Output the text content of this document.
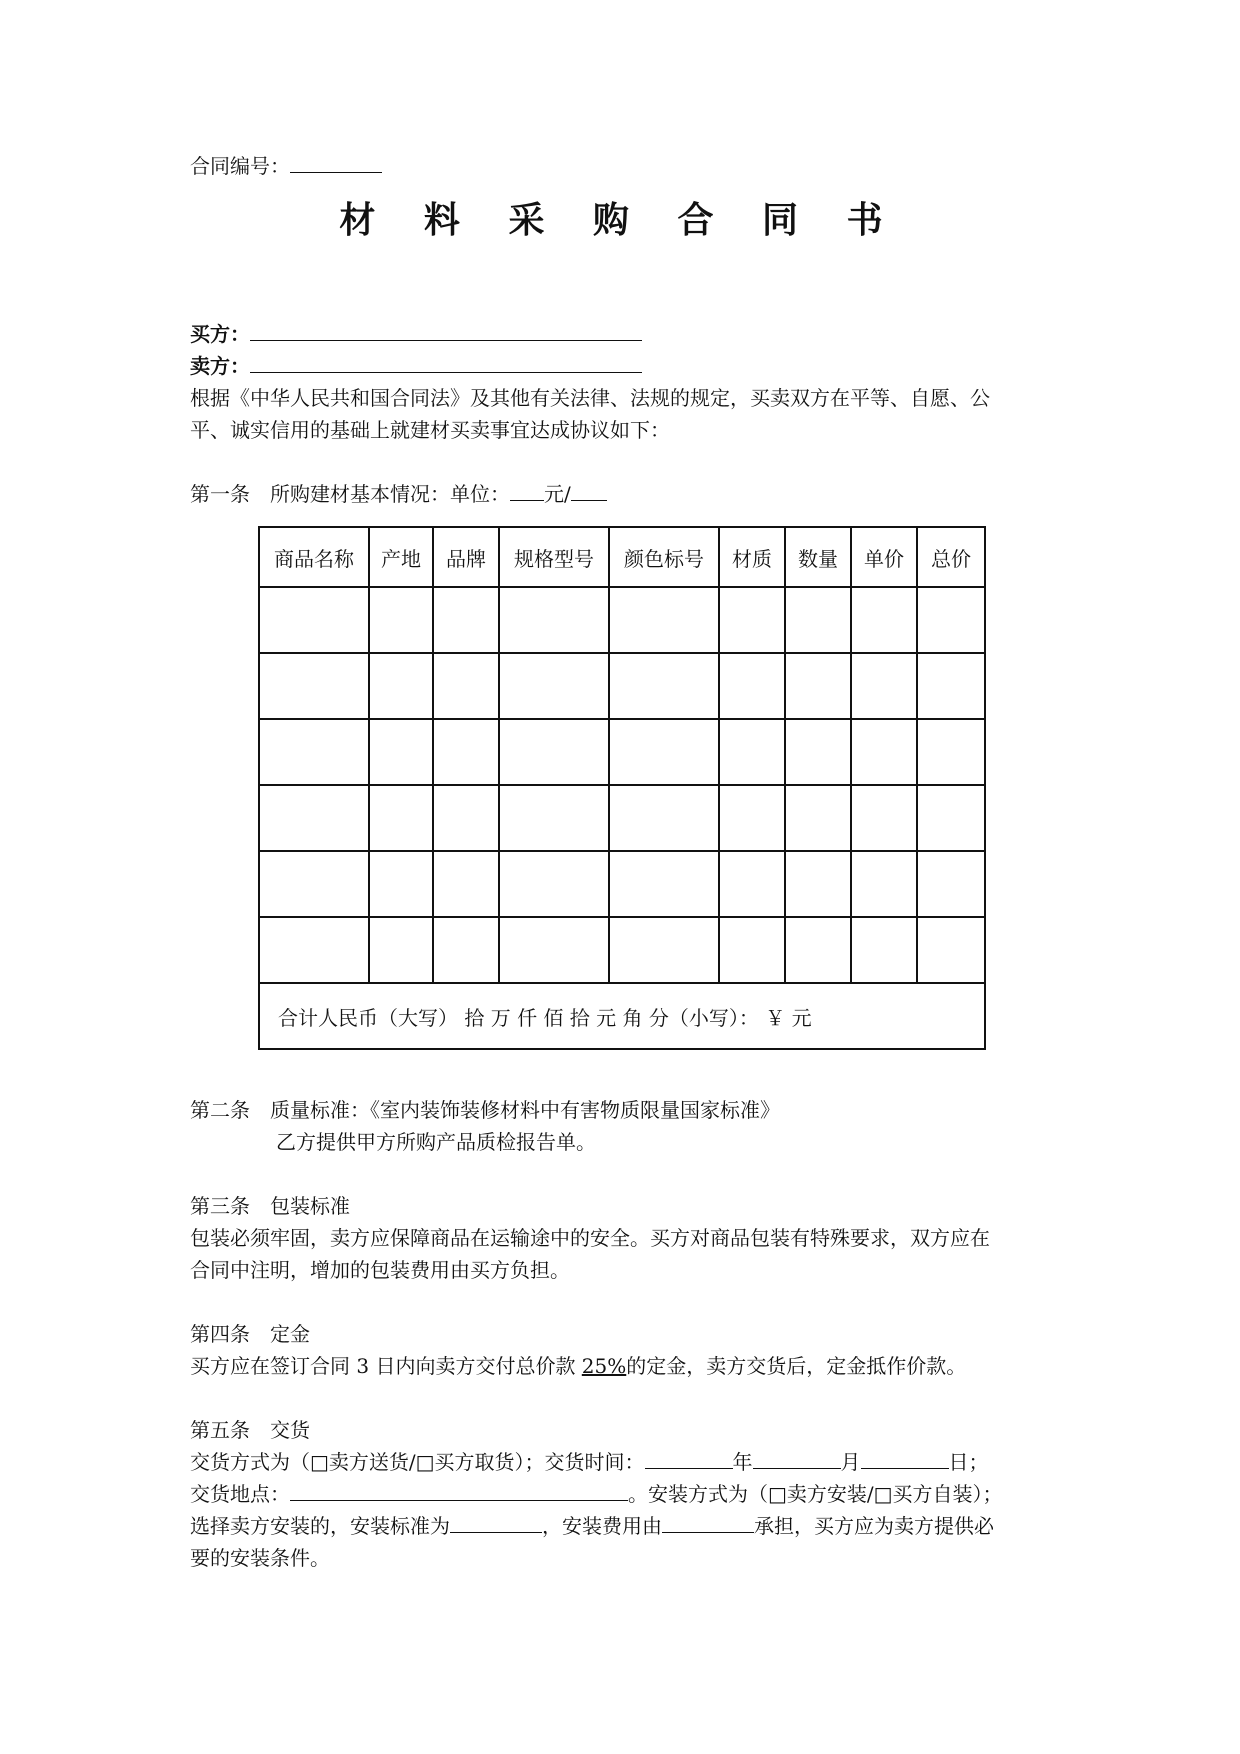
合同编号：
材 料 采 购 合 同 书
买方：
卖方：
根据《中华人民共和国合同法》及其他有关法律、法规的规定，买卖双方在平等、自愿、公
平、诚实信用的基础上就建材买卖事宜达成协议如下：
第一条 所购建材基本情况：单位： 元/
商品名称	产地	品牌	规格型号	颜色标号	材质	数量	单价	总价

合计人民币（大写） 拾 万 仟 佰 拾 元 角 分（小写）： ￥ 元								
第二条 质量标准：《室内装饰装修材料中有害物质限量国家标准》
乙方提供甲方所购产品质检报告单。
第三条 包装标准
包装必须牢固，卖方应保障商品在运输途中的安全。买方对商品包装有特殊要求，双方应在
合同中注明，增加的包装费用由买方负担。
第四条 定金
买方应在签订合同 3 日内向卖方交付总价款 25%的定金，卖方交货后，定金抵作价款。
第五条 交货
交货方式为（□卖方送货/□买方取货）；交货时间：	年	月	日；
交货地点：	。安装方式为（□卖方安装/□买方自装）；
选择卖方安装的，安装标准为	，安装费用由	承担，买方应为卖方提供必
要的安装条件。
